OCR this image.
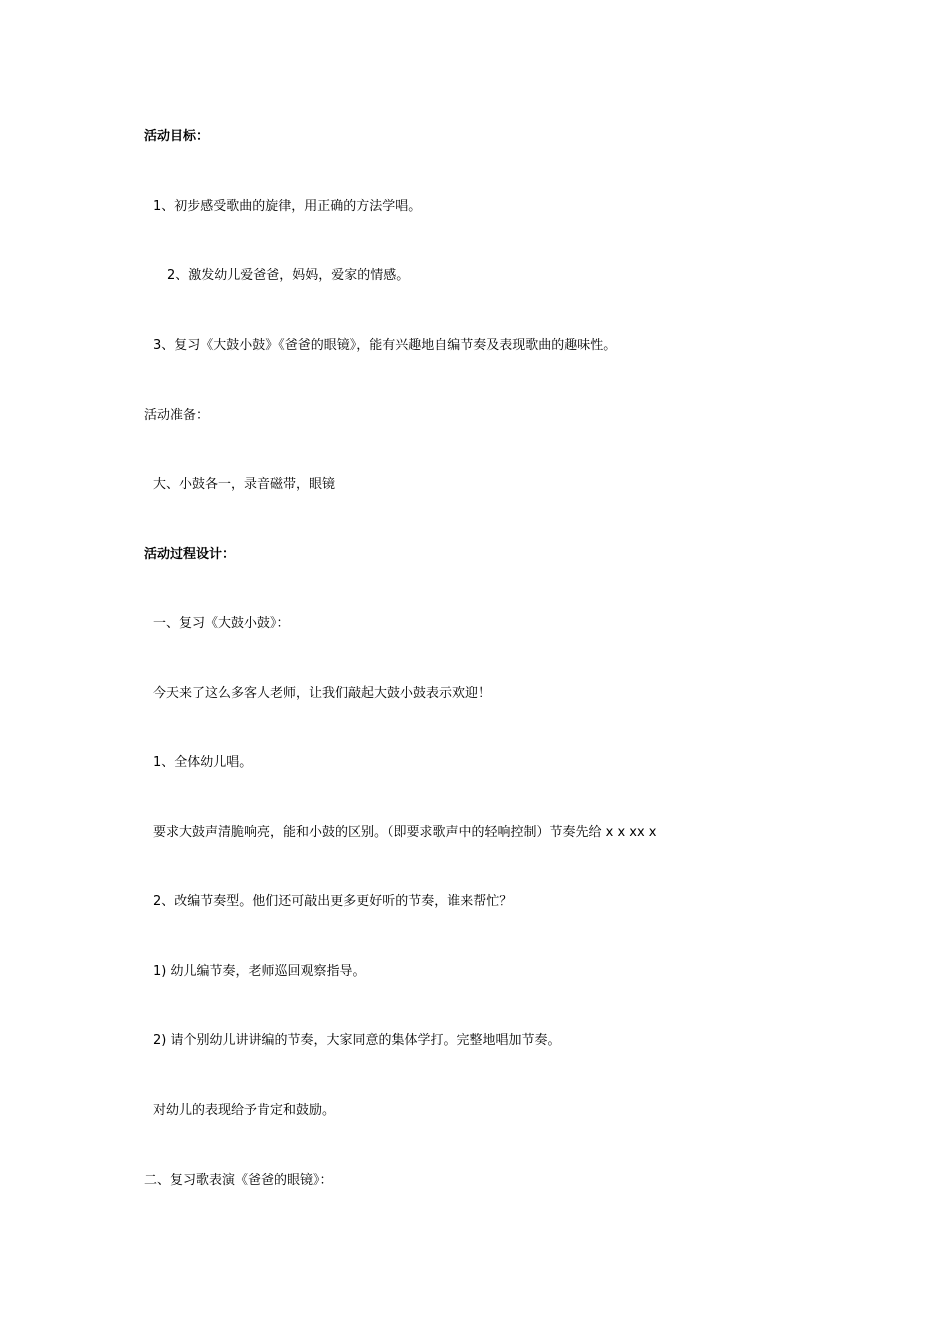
活动目标：
1、初步感受歌曲的旋律，用正确的方法学唱。
2、激发幼儿爱爸爸，妈妈，爱家的情感。
3、复习《大鼓小鼓》《爸爸的眼镜》，能有兴趣地自编节奏及表现歌曲的趣味性。
活动准备：
大、小鼓各一，录音磁带，眼镜
活动过程设计：
一、复习《大鼓小鼓》：
今天来了这么多客人老师，让我们敲起大鼓小鼓表示欢迎！
1、全体幼儿唱。
要求大鼓声清脆响亮，能和小鼓的区别。（即要求歌声中的轻响控制）节奏先给 x x xx x
2、改编节奏型。他们还可敲出更多更好听的节奏，谁来帮忙？
1) 幼儿编节奏，老师巡回观察指导。
2) 请个别幼儿讲讲编的节奏，大家同意的集体学打。完整地唱加节奏。
对幼儿的表现给予肯定和鼓励。
二、复习歌表演《爸爸的眼镜》：
